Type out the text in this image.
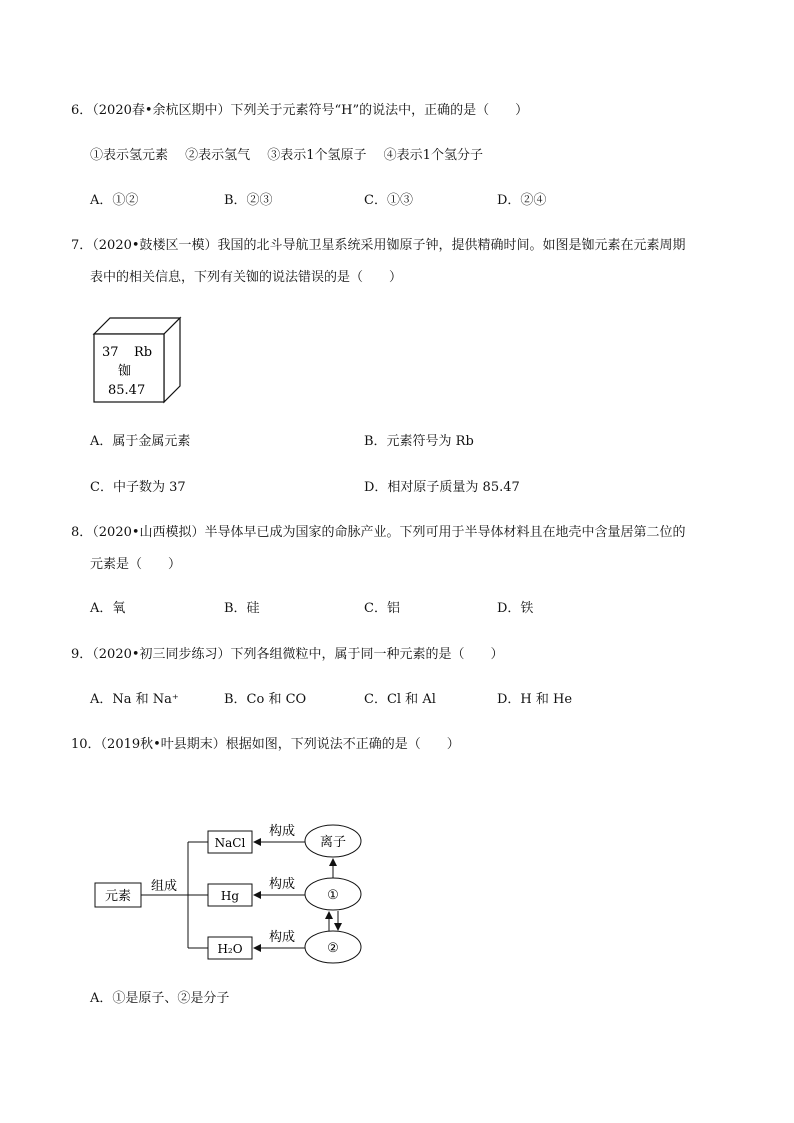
6．（2020春•余杭区期中）下列关于元素符号“H”的说法中，正确的是（　　）
①表示氢元素　 ②表示氢气　 ③表示1个氢原子　 ④表示1个氢分子
A．①②	B．②③	C．①③	D．②④
7．（2020•鼓楼区一模）我国的北斗导航卫星系统采用铷原子钟，提供精确时间。如图是铷元素在元素周期
表中的相关信息，下列有关铷的说法错误的是（　　）
37 Rb
铷
85.47
A．属于金属元素	B．元素符号为 Rb
C．中子数为 37	D．相对原子质量为 85.47
8．（2020•山西模拟）半导体早已成为国家的命脉产业。下列可用于半导体材料且在地壳中含量居第二位的
元素是（　　）
A．氧	B．硅	C．铝	D．铁
9．（2020•初三同步练习）下列各组微粒中，属于同一种元素的是（　　）
A．Na 和 Na⁺	B．Co 和 CO	C．Cl 和 Al	D．H 和 He
10．（2019秋•叶县期末）根据如图，下列说法不正确的是（　　）
元素
组成
NaCl
Hg
H₂O
离子
①
②
构成
构成
构成
A．①是原子、②是分子
